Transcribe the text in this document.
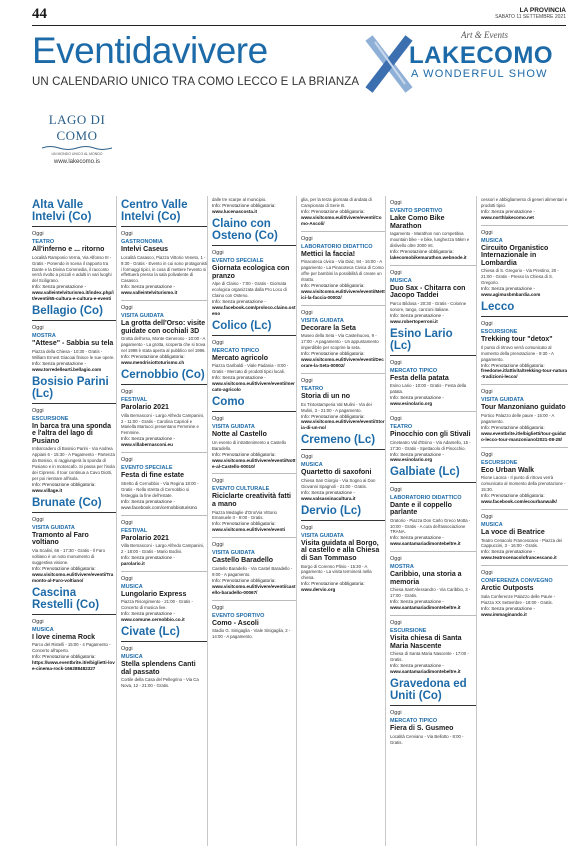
44	LA PROVINCIA
SABATO 11 SETTEMBRE 2021
Eventidavivere
UN CALENDARIO UNICO TRA COMO LECCO E LA BRIANZA
LAGO DI COMO
UN MONDO UNICO AL MONDO
www.lakecomo.is
Art & Events
LAKECOMO
A WONDERFUL SHOW
Alta Valle Intelvi (Co)
Oggi
TEATRO
All'inferno e ... ritorno
Località Ramponio Verna, Via Alfonso III - Gratis - Ponendo in scena il rapporto tra Dante e la Divina Commedia, il racconto verrà rivolto a piccoli e adulti in vari luoghi del Sciligrano.
Info: Senza prenotazione -
www.valleintelviturismo.it/index.php/it/eventi/65-cultura-e-cultura-e-eventi
Bellagio (Co)
Oggi
MOSTRA
"Attese" - Sabbia su tela
Piazza della Chiesa - 10:30 - Gratis - William Ernest Giacoai finisce le sue opere.
Info: Senza prenotazione -
www.torredellearti.bellagio.com
Bosisio Parini (Lc)
Oggi
ESCURSIONE
In barca tra una sponda e l'altra del lago di Pusiano
Imbarcadero di Bosisio Parini - Via Andrea Appiani 6 - 15:30 - A Pagamento - Partenza da Bosisio, si raggiungerà la sponda di Pusiano e in motoscafo. Si passa per l'isola dei Cipressi. Il tour continua a Cavo Diotti, per poi rientrare all'isola.
Info: Prenotazione obbligatoria:
www.village.it
Brunate (Co)
Oggi
VISITA GUIDATA
Tramonto al Faro voltiano
Via Scalini, 66 - 17:30 - Gratis - Il Faro voltiano è un noto monumento di suggestiva visione.
Info: Prenotazione obbligatoria:
www.visitcomo.eu/it/vivere/eventi/Tramonto-al-Faro-voltiano/
Cascina Restelli (Co)
Oggi
MUSICA
I love cinema Rock
Parco del Ristelli - 15:00 - 4 Pagamento - Concerto all'aperto.
Info: Prenotazione obbligatoria:
https://www.eventbrite.it/e/biglietti-love-cinema-rock-166288482327
Centro Valle Intelvi (Co)
Oggi
GASTRONOMIA
Intelvi Caseus
Località Casasco, Piazza Vittorio Veneto, 1 - 9:30 - Gratis - Evento in cui sono protagonisti i formaggi tipici, in cosa di mettere l'evento si effettuerà presso la sala polivalente di Casasco.
Info: Senza prenotazione -
www.valleintelviturismo.it
Oggi
VISITA GUIDATA
La grotta dell'Orso: visite guidate con occhiali 3D
Grotta dell'orso, Monte Generoso - 10:00 - A pagamento - La grotta, scoperta che si trova nel 1998 è stata aperta al pubblico nel 1996.
Info: Prenotazione obbligatoria:
www.mendrisiottoturismo.ch
Cernobbio (Co)
Oggi
FESTIVAL
Parolario 2021
Villa Bernasconi - Largo Alfredo Campanini, 2 - 11:00 - Gratis - Carolina Caprioli e Mariella Martucci presentano Femmine e Femmine.
Info: Senza prenotazione -
www.villabernasconi.eu
Oggi
EVENTO SPECIALE
Festa di fine estate
Stretto di Cernobbio - Via Regina 18:00 - Gratis - Nella stretta di Cernobbio si festeggia la fine dell'estate.
Info: Senza prenotazione - www.facebook.com/cernobbioturismo
Oggi
FESTIVAL
Parolario 2021
Villa Bernasconi - Largo Alfredo Campanini, 2 - 18:00 - Gratis - Mario Bodini.
Info: Senza prenotazione -
parolario.it
Oggi
MUSICA
Lungolario Express
Piazza Risorgimento - 21:00 - Gratis - Concerto di musica live.
Info: Senza prenotazione -
www.comune.cernobbio.co.it
Civate (Lc)
Oggi
MUSICA
Stella splendens Canti dal passato
Cortile della Casa del Pellegrino - Via Ca Nova, 12 - 21:00 - Gratis.
dalle tre scarpe al municipio.
Info: Prenotazione obbligatoria:
www.lucenascosta.it
Claino con Osteno (Co)
Oggi
EVENTO SPECIALE
Giornata ecologica con pranzo
Alpe di Claino - 7:00 - Gratis - Giornata ecologica organizzata dalla Pro Loco di Claino con Osteno.
Info: Senza prenotazione -
www.facebook.com/proloco.claino.osteno
Colico (Lc)
Oggi
MERCATO TIPICO
Mercato agricolo
Piazza Garibaldi - Viale Padania - 8:00 - Gratis - Mercato di prodotti tipici locali.
Info: Senza prenotazione -
www.visitcomo.eu/it/vivere/eventi/mercato-agricolo
Como
Oggi
VISITA GUIDATA
Notte al Castello
Un evento di intrattenimento a Castello Baradello.
Info: Prenotazione obbligatoria:
www.visitcomo.eu/it/vivere/eventi/Notte-al-Castello-00010/
Oggi
EVENTO CULTURALE
Riciclarte creatività fatti a mano
Piazza Medaglie d'Oro/Via Vittorio Emanuele II - 9:00 - Gratis.
Info: Prenotazione obbligatoria:
www.visitcomo.eu/it/vivere/eventi
Oggi
VISITA GUIDATA
Castello Baradello
Castello Baradello - Via Castel Baradello - 9:00 - A pagamento.
Info: Prenotazione obbligatoria:
www.visitcomo.eu/it/vivere/eventi/castello-baradello-00067/
Oggi
EVENTO SPORTIVO
Como - Ascoli
Stadio G. Sinigaglia - Viale Sinigaglia, 2 - 14:00 - A pagamento.
glia, per la terza giornata di andata di Campionato di Serie B.
Info: Prenotazione obbligatoria:
www.visitcomo.eu/it/vivere/eventi/Como-Ascoli/
Oggi
LABORATORIO DIDATTICO
Mettici la faccia!
Pinacoteca civica - Via Diaz, 84 - 16:00 - A pagamento - La Pinacoteca Civica di Como offre per bambini la possibilità di creare un ritratto.
Info: Prenotazione obbligatoria:
www.visitcomo.eu/it/vivere/eventi/Mettici-la-faccia-00002/
Oggi
VISITA GUIDATA
Decorare la Seta
Museo della Seta - Via Castelnuovo, 9 - 17:00 - A pagamento - Un appuntamento imperdibile per scoprire la seta.
Info: Prenotazione obbligatoria:
www.visitcomo.eu/it/vivere/eventi/Decorare-la-Seta-00002/
Oggi
TEATRO
Storia di un no
Ex Tintostamperia Val Mulini - Via dei Mulini, 3 - 21:00 - A pagamento.
Info: Prenotazione obbligatoria:
www.visitcomo.eu/it/vivere/eventi/Storia-di-un-no/
Cremeno (Lc)
Oggi
MUSICA
Quartetto di saxofoni
Chiesa San Giorgio - Via Sogno ai Don Giovanni Spagnoli - 21:00 - Gratis.
Info: Senza prenotazione -
www.valsassinacultura.it
Dervio (Lc)
Oggi
VISITA GUIDATA
Visita guidata al Borgo, al castello e alla Chiesa di San Tommaso
Borgo di Corenno Plinio - 15:30 - A pagamento - La visita terminerà nella chiesa.
Info: Prenotazione obbligatoria:
www.dervio.org
Oggi
EVENTO SPORTIVO
Lake Como Bike Marathon
Iagamento - Marathon non competitiva mountain bike - e bike, lunghezza 55km e dislivello oltre 2000 mt.
Info: Prenotazione obbligatoria:
lakecomobikemarathon.webnode.it
Oggi
MUSICA
Duo Sax - Chitarra con Jacopo Taddei
Parco Bildosa - 20:30 - Gratis - Colonne sonore, tango, canzoni italiane.
Info: Senza prenotazione -
www.robertoperroni.it
Esino Lario (Lc)
Oggi
MERCATO TIPICO
Festa della patata
Esino Lario - 10:00 - Gratis - Festa della patata.
Info: Senza prenotazione -
www.esinolario.org
Oggi
TEATRO
Pinocchio con gli Stivali
Cineteatro Val d'Esino - Via Adamello, 15 - 17:30 - Gratis - Spettacolo di Pinocchio.
Info: Senza prenotazione -
www.esinolario.org
Galbiate (Lc)
Oggi
LABORATORIO DIDATTICO
Dante e il coppello parlante
Oratorio - Piazza Don Carlo Greco Motta - 10:00 - Gratis - A cura dell'associazione TRANA.
Info: Senza prenotazione -
www.santamariadimontebeltre.it
Oggi
MOSTRA
Caribbio, una storia a memoria
Chiesa Sant'Alessandro - Via Caribbio, 3 - 17:00 - Gratis.
Info: Senza prenotazione -
www.santamariadimontebeltre.it
Oggi
ESCURSIONE
Visita chiesa di Santa Maria Nascente
Chiesa di Santa Maria Nascente - 17:00 - Gratis.
Info: Senza prenotazione -
www.santamariadimontebeltre.it
Gravedona ed Uniti (Co)
Oggi
MERCATO TIPICO
Fiera di S. Gusmeo
Località Cerviano - Via Bellotto - 8:00 - Gratis.
cessori e abbigliamento di generi alimentari e prodotti tipici.
Info: Senza prenotazione -
www.northlakecomo.net
Oggi
MUSICA
Circuito Organistico Internazionale in Lombardia
Chiesa di S. Gregorio - Via Prestino, 20 - 21:00 - Gratis - Presso la Chiesa di S. Gregorio.
Info: Senza prenotazione -
www.agimusbmbardia.com
Lecco
Oggi
ESCURSIONE
Trekking tour "detox"
Il punto di ritrovo verrà comunicato al momento della prenotazione - 9:30 - A pagamento.
Info: Prenotazione obbligatoria:
freedome.it/attivita/trekking-tour-natura-tradizioni-lecco/
Oggi
VISITA GUIDATA
Tour Manzoniano guidato
Portico Palazzo delle paure - 15:00 - A pagamento.
Info: Prenotazione obbligatoria:
www.eventbrite.it/e/biglietti/tour-guidato-lecco-tour-manzoniano/2021-08-28/
Oggi
ESCURSIONE
Eco Urban Walk
Rione Laorca - Il punto di ritrovo verrà comunicato al momento della prenotazione - 15:30.
Info: Prenotazione obbligatoria:
www.facebook.com/ecourbanwalk/
Oggi
MUSICA
La voce di Beatrice
Teatro Cenacolo Francescano - Piazza dei Cappuccini, 3 - 16:00 - Gratis.
Info: Senza prenotazione -
www.teatrocenacolofrancescano.it
Oggi
CONFERENZA CONVEGNO
Arctic Outposts
Sala Conferenze Palazzo delle Paure - Piazza XX Settembre - 18:00 - Gratis.
Info: Senza prenotazione -
www.immaginando.it
